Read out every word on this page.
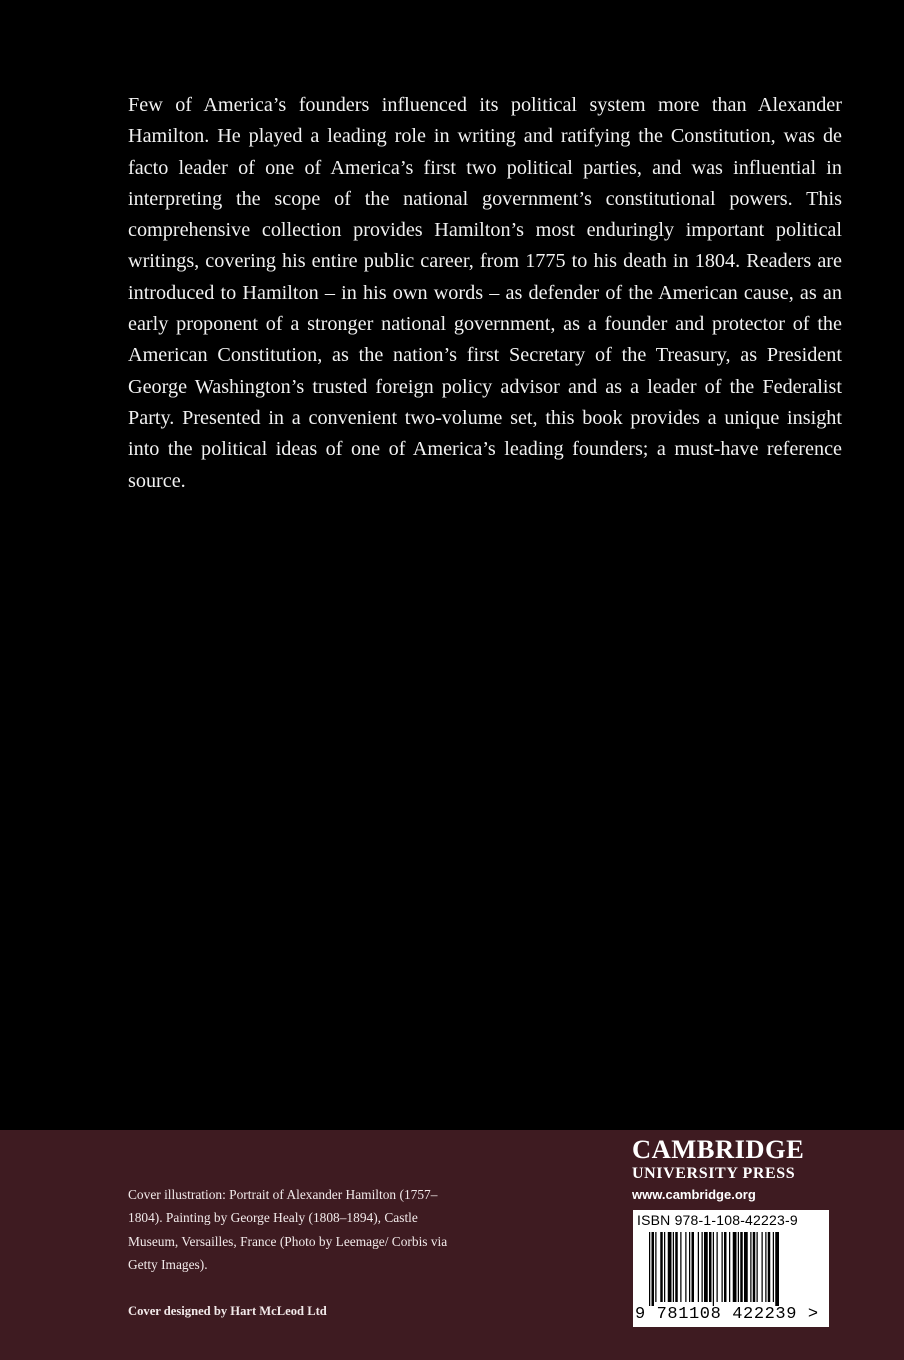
Few of America’s founders influenced its political system more than Alexander Hamilton. He played a leading role in writing and ratifying the Constitution, was de facto leader of one of America’s first two political parties, and was influential in interpreting the scope of the national government’s constitutional powers. This comprehensive collection provides Hamilton’s most enduringly important political writings, covering his entire public career, from 1775 to his death in 1804. Readers are introduced to Hamilton – in his own words – as defender of the American cause, as an early proponent of a stronger national government, as a founder and protector of the American Constitution, as the nation’s first Secretary of the Treasury, as President George Washington’s trusted foreign policy advisor and as a leader of the Federalist Party. Presented in a convenient two-volume set, this book provides a unique insight into the political ideas of one of America’s leading founders; a must-have reference source.

Cover illustration: Portrait of Alexander Hamilton (1757–1804). Painting by George Healy (1808–1894), Castle Museum, Versailles, France (Photo by Leemage/ Corbis via Getty Images).

Cover designed by Hart McLeod Ltd

CAMBRIDGE
UNIVERSITY PRESS
www.cambridge.org
ISBN 978-1-108-42223-9
9 781108 422239 >
